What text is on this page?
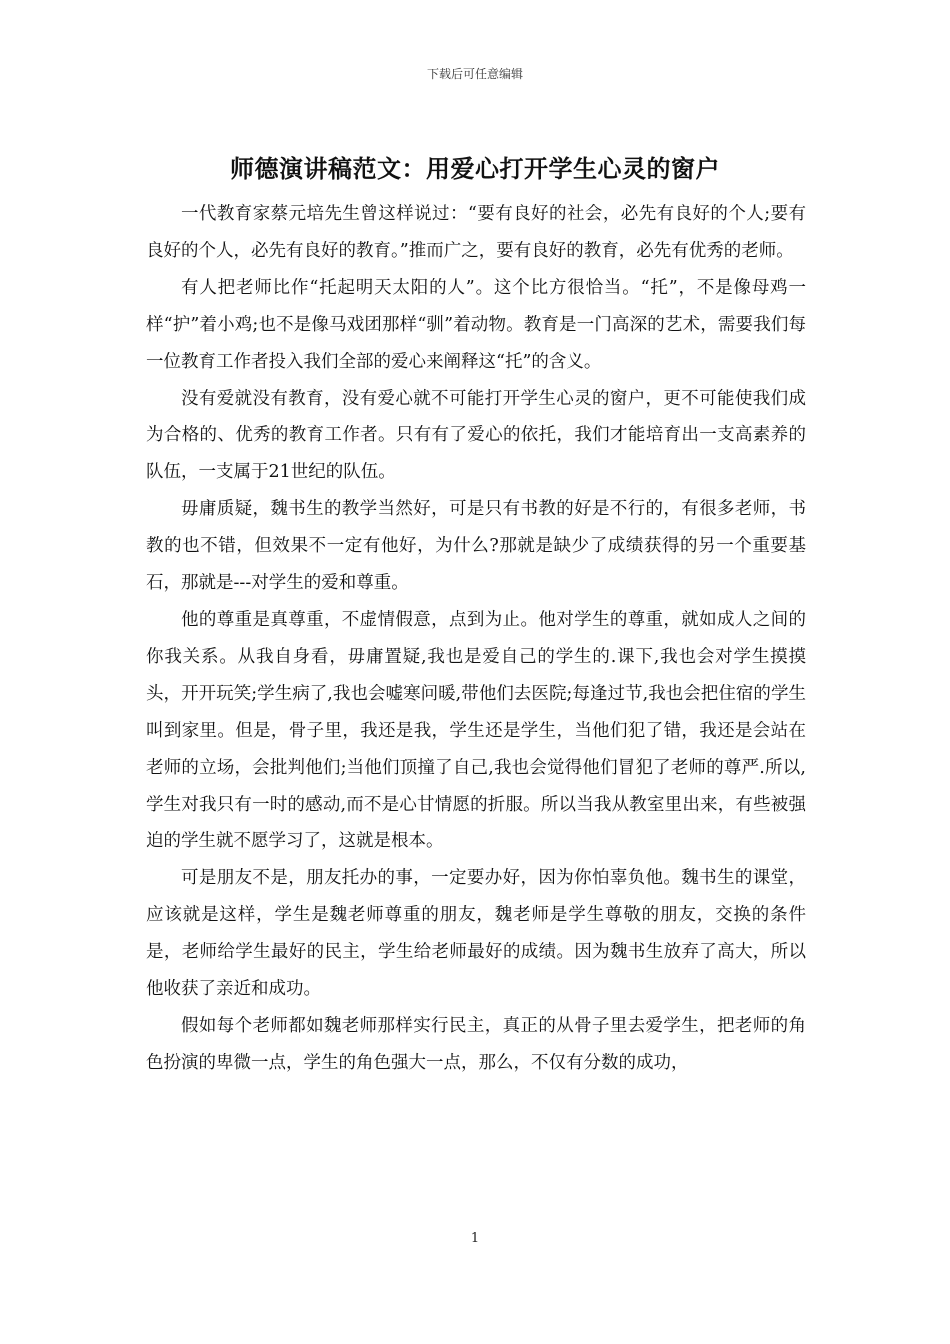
下载后可任意编辑
师德演讲稿范文：用爱心打开学生心灵的窗户

一代教育家蔡元培先生曾这样说过：“要有良好的社会，必先有良好的个人;要有良好的个人，必先有良好的教育。”推而广之，要有良好的教育，必先有优秀的老师。

有人把老师比作“托起明天太阳的人”。这个比方很恰当。“托”，不是像母鸡一样“护”着小鸡;也不是像马戏团那样“驯”着动物。教育是一门高深的艺术，需要我们每一位教育工作者投入我们全部的爱心来阐释这“托”的含义。

没有爱就没有教育，没有爱心就不可能打开学生心灵的窗户，更不可能使我们成为合格的、优秀的教育工作者。只有有了爱心的依托，我们才能培育出一支高素养的队伍，一支属于21世纪的队伍。

毋庸质疑，魏书生的教学当然好，可是只有书教的好是不行的，有很多老师，书教的也不错，但效果不一定有他好，为什么?那就是缺少了成绩获得的另一个重要基石，那就是---对学生的爱和尊重。

他的尊重是真尊重，不虚情假意，点到为止。他对学生的尊重，就如成人之间的你我关系。从我自身看，毋庸置疑,我也是爱自己的学生的.课下,我也会对学生摸摸头，开开玩笑;学生病了,我也会嘘寒问暖,带他们去医院;每逢过节,我也会把住宿的学生叫到家里。但是，骨子里，我还是我，学生还是学生，当他们犯了错，我还是会站在老师的立场，会批判他们;当他们顶撞了自己,我也会觉得他们冒犯了老师的尊严.所以,学生对我只有一时的感动,而不是心甘情愿的折服。所以当我从教室里出来，有些被强迫的学生就不愿学习了，这就是根本。

可是朋友不是，朋友托办的事，一定要办好，因为你怕辜负他。魏书生的课堂，应该就是这样，学生是魏老师尊重的朋友，魏老师是学生尊敬的朋友，交换的条件是，老师给学生最好的民主，学生给老师最好的成绩。因为魏书生放弃了高大，所以他收获了亲近和成功。

假如每个老师都如魏老师那样实行民主，真正的从骨子里去爱学生，把老师的角色扮演的卑微一点，学生的角色强大一点，那么，不仅有分数的成功，

1
